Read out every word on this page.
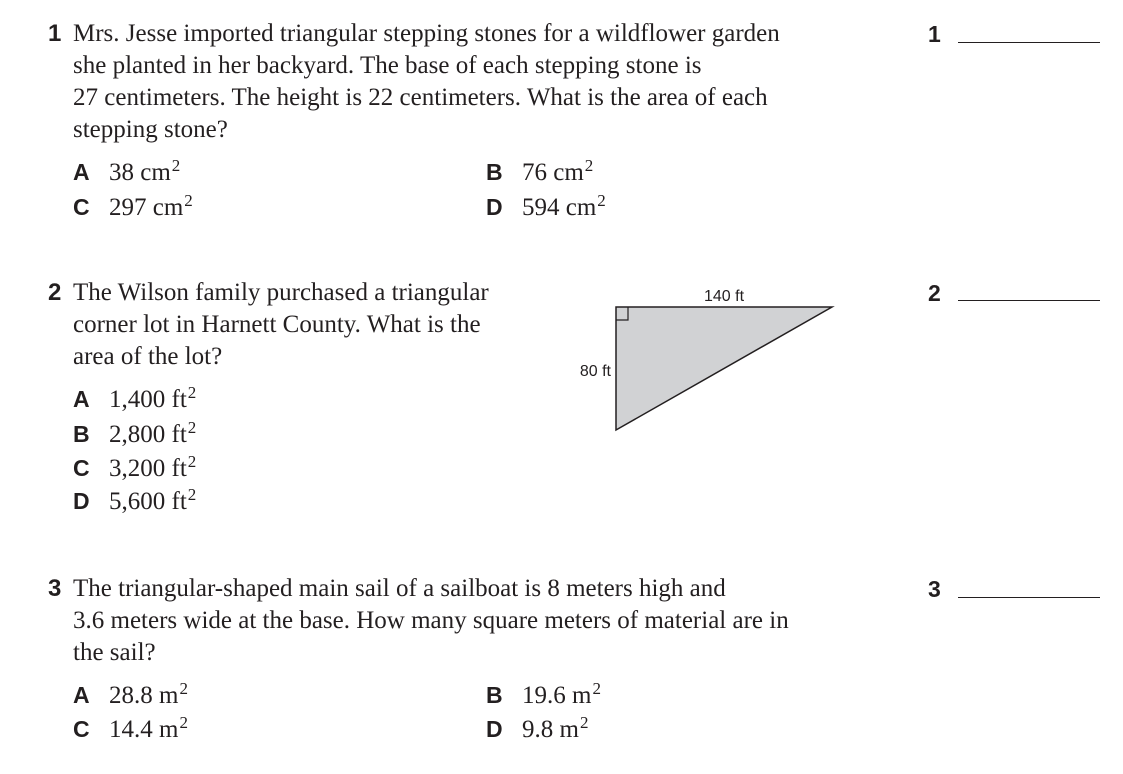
1 Mrs. Jesse imported triangular stepping stones for a wildflower garden
she planted in her backyard. The base of each stepping stone is
27 centimeters. The height is 22 centimeters. What is the area of each
stepping stone?
A 38 $cm^2$	B 76 $cm^2$
C 297 $cm^2$	D 594 $cm^2$
1
2 The Wilson family purchased a triangular
corner lot in Harnett County. What is the
area of the lot?
A 1,400 $ft^2$
B 2,800 $ft^2$
C 3,200 $ft^2$
D 5,600 $ft^2$
140 ft
80 ft
2
3 The triangular-shaped main sail of a sailboat is 8 meters high and
3.6 meters wide at the base. How many square meters of material are in
the sail?
A 28.8 $m^2$	B 19.6 $m^2$
C 14.4 $m^2$	D 9.8 $m^2$
3
